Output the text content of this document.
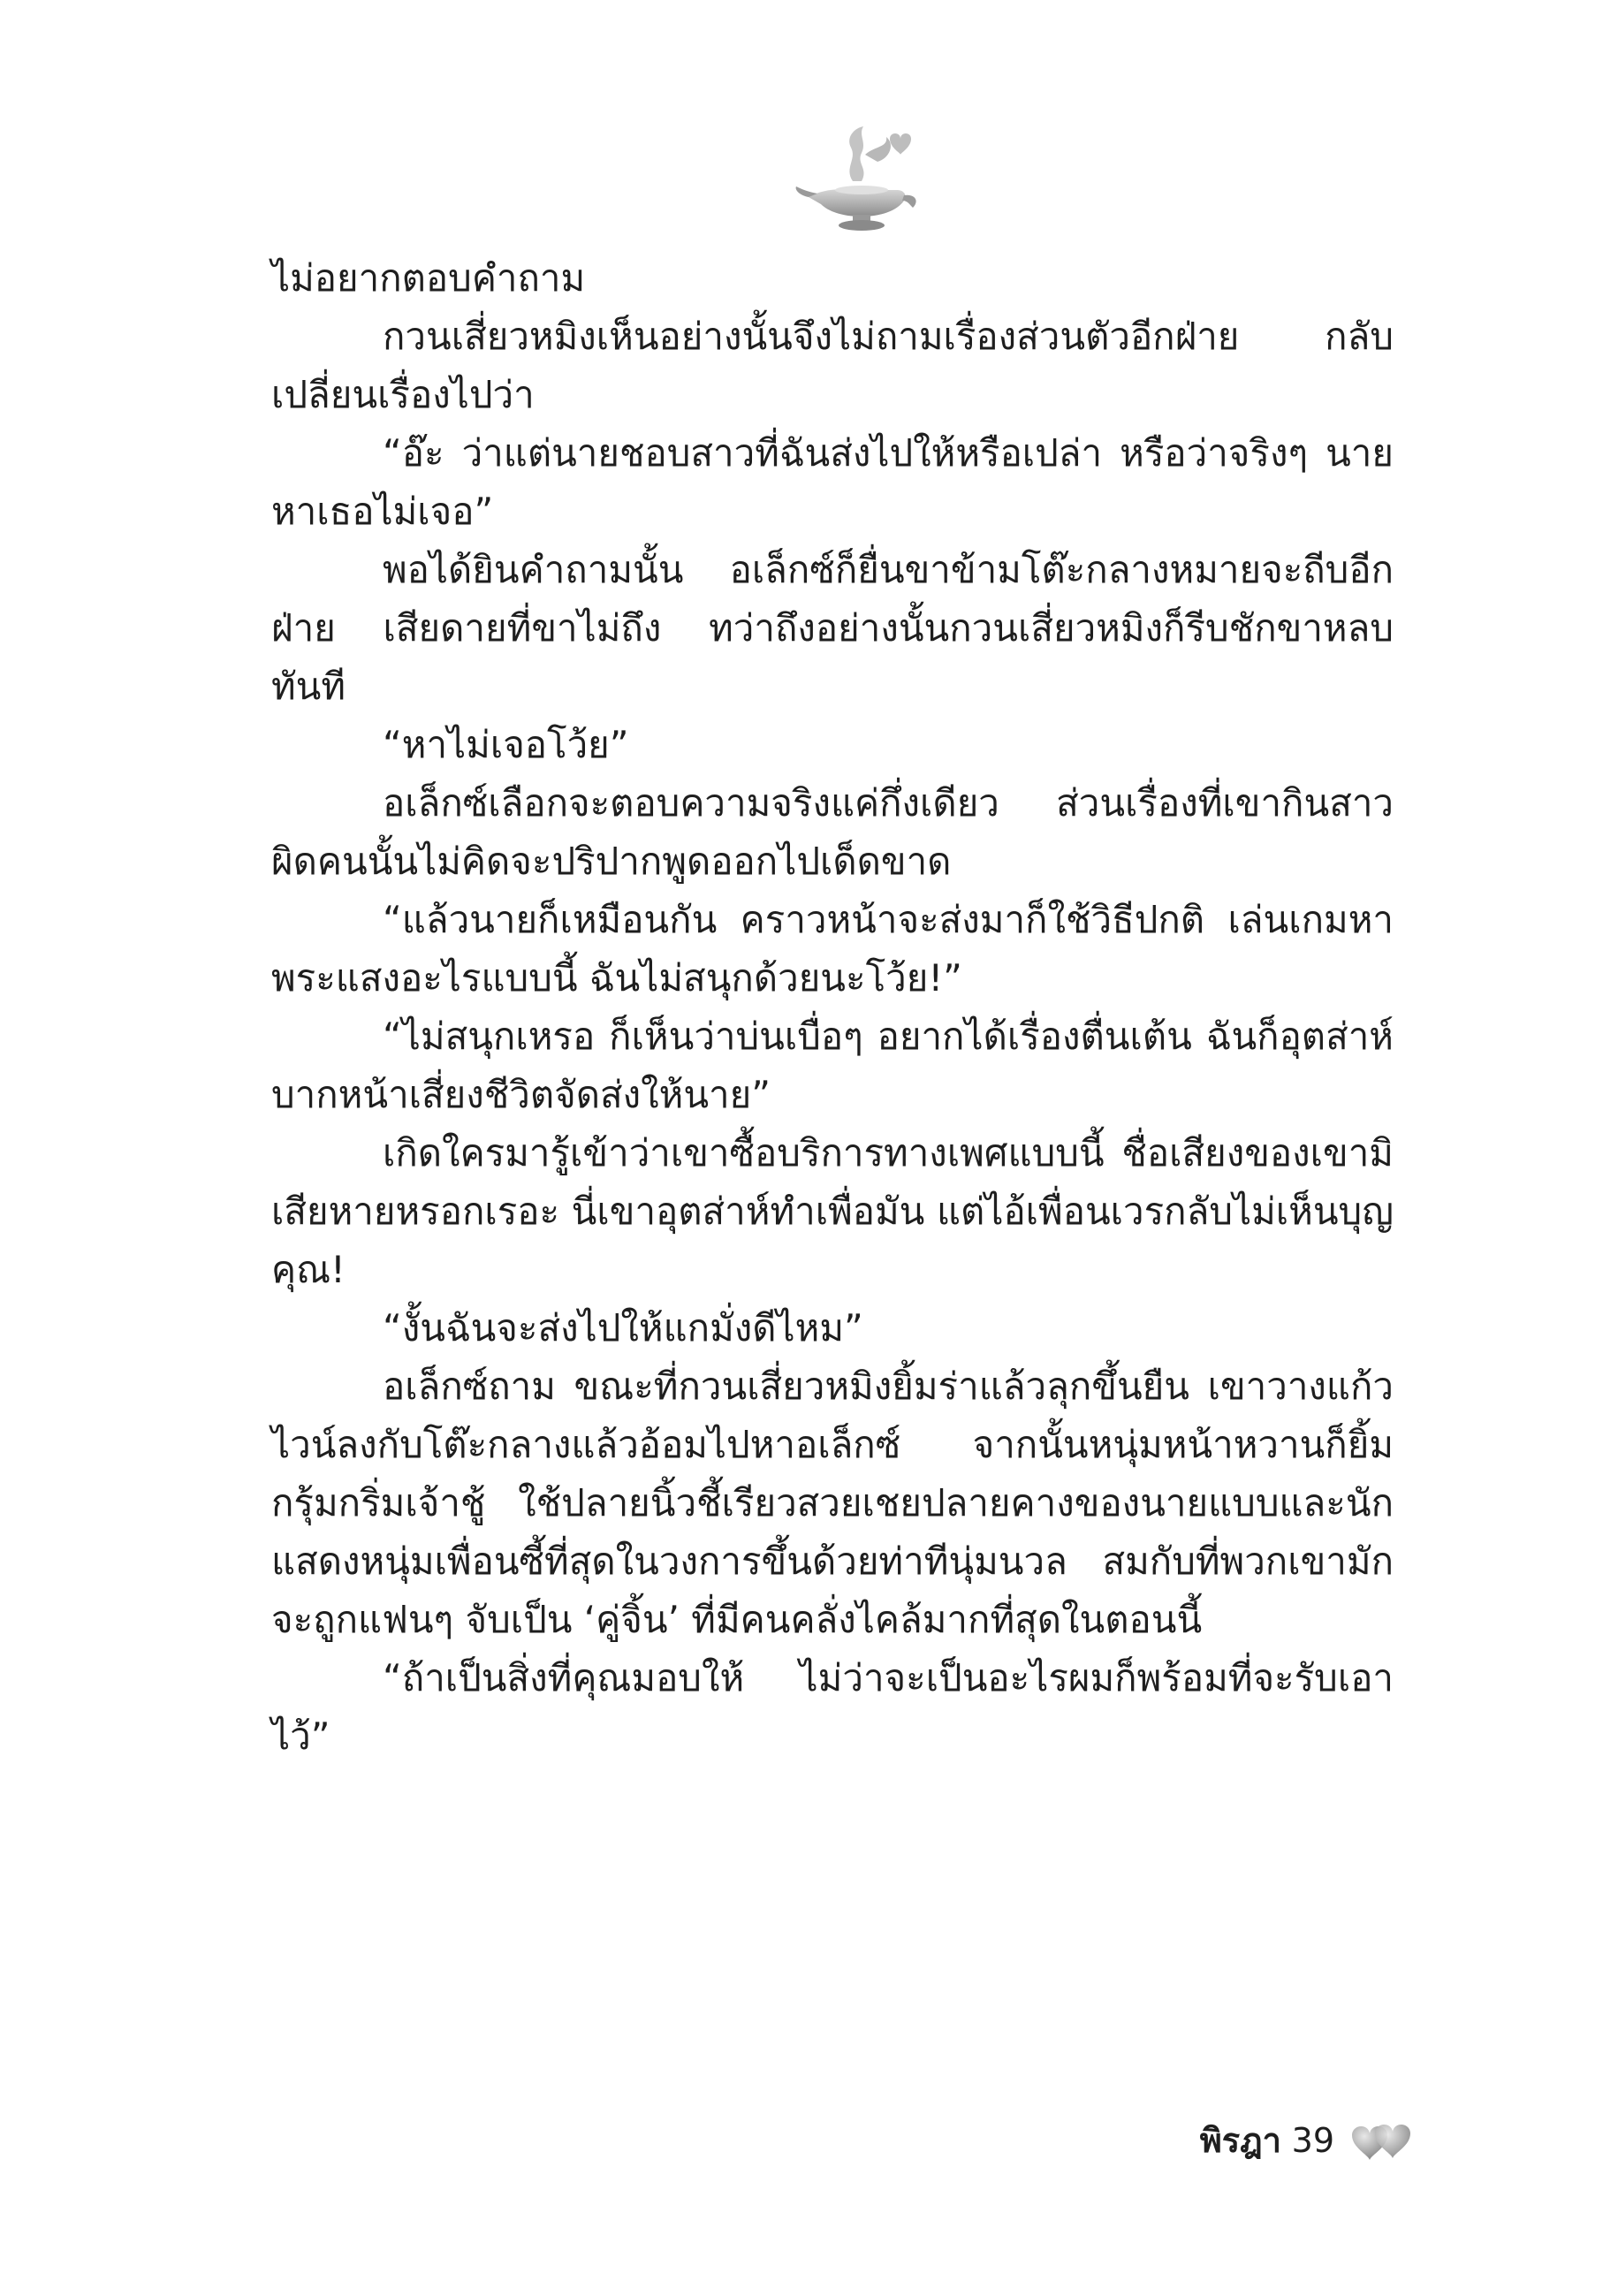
ไม่อยากตอบคำถาม

กวนเสี่ยวหมิงเห็นอย่างนั้นจึงไม่ถามเรื่องส่วนตัวอีกฝ่าย กลับเปลี่ยนเรื่องไปว่า

“อ๊ะ ว่าแต่นายชอบสาวที่ฉันส่งไปให้หรือเปล่า หรือว่าจริงๆ นายหาเธอไม่เจอ”

พอได้ยินคำถามนั้น อเล็กซ์ก็ยื่นขาข้ามโต๊ะกลางหมายจะถีบอีกฝ่าย เสียดายที่ขาไม่ถึง ทว่าถึงอย่างนั้นกวนเสี่ยวหมิงก็รีบชักขาหลบทันที

“หาไม่เจอโว้ย”

อเล็กซ์เลือกจะตอบความจริงแค่กึ่งเดียว ส่วนเรื่องที่เขากินสาวผิดคนนั้นไม่คิดจะปริปากพูดออกไปเด็ดขาด

“แล้วนายก็เหมือนกัน คราวหน้าจะส่งมาก็ใช้วิธีปกติ เล่นเกมหาพระแสงอะไรแบบนี้ ฉันไม่สนุกด้วยนะโว้ย!”

“ไม่สนุกเหรอ ก็เห็นว่าบ่นเบื่อๆ อยากได้เรื่องตื่นเต้น ฉันก็อุตส่าห์บากหน้าเสี่ยงชีวิตจัดส่งให้นาย”

เกิดใครมารู้เข้าว่าเขาซื้อบริการทางเพศแบบนี้ ชื่อเสียงของเขามิเสียหายหรอกเรอะ นี่เขาอุตส่าห์ทำเพื่อมัน แต่ไอ้เพื่อนเวรกลับไม่เห็นบุญคุณ!

“งั้นฉันจะส่งไปให้แกมั่งดีไหม”

อเล็กซ์ถาม ขณะที่กวนเสี่ยวหมิงยิ้มร่าแล้วลุกขึ้นยืน เขาวางแก้วไวน์ลงกับโต๊ะกลางแล้วอ้อมไปหาอเล็กซ์ จากนั้นหนุ่มหน้าหวานก็ยิ้มกรุ้มกริ่มเจ้าชู้ ใช้ปลายนิ้วชี้เรียวสวยเชยปลายคางของนายแบบและนักแสดงหนุ่มเพื่อนซี้ที่สุดในวงการขึ้นด้วยท่าทีนุ่มนวล สมกับที่พวกเขามักจะถูกแฟนๆ จับเป็น ‘คู่จิ้น’ ที่มีคนคลั่งไคล้มากที่สุดในตอนนี้

“ถ้าเป็นสิ่งที่คุณมอบให้ ไม่ว่าจะเป็นอะไรผมก็พร้อมที่จะรับเอาไว้”

พิรฎา 39
